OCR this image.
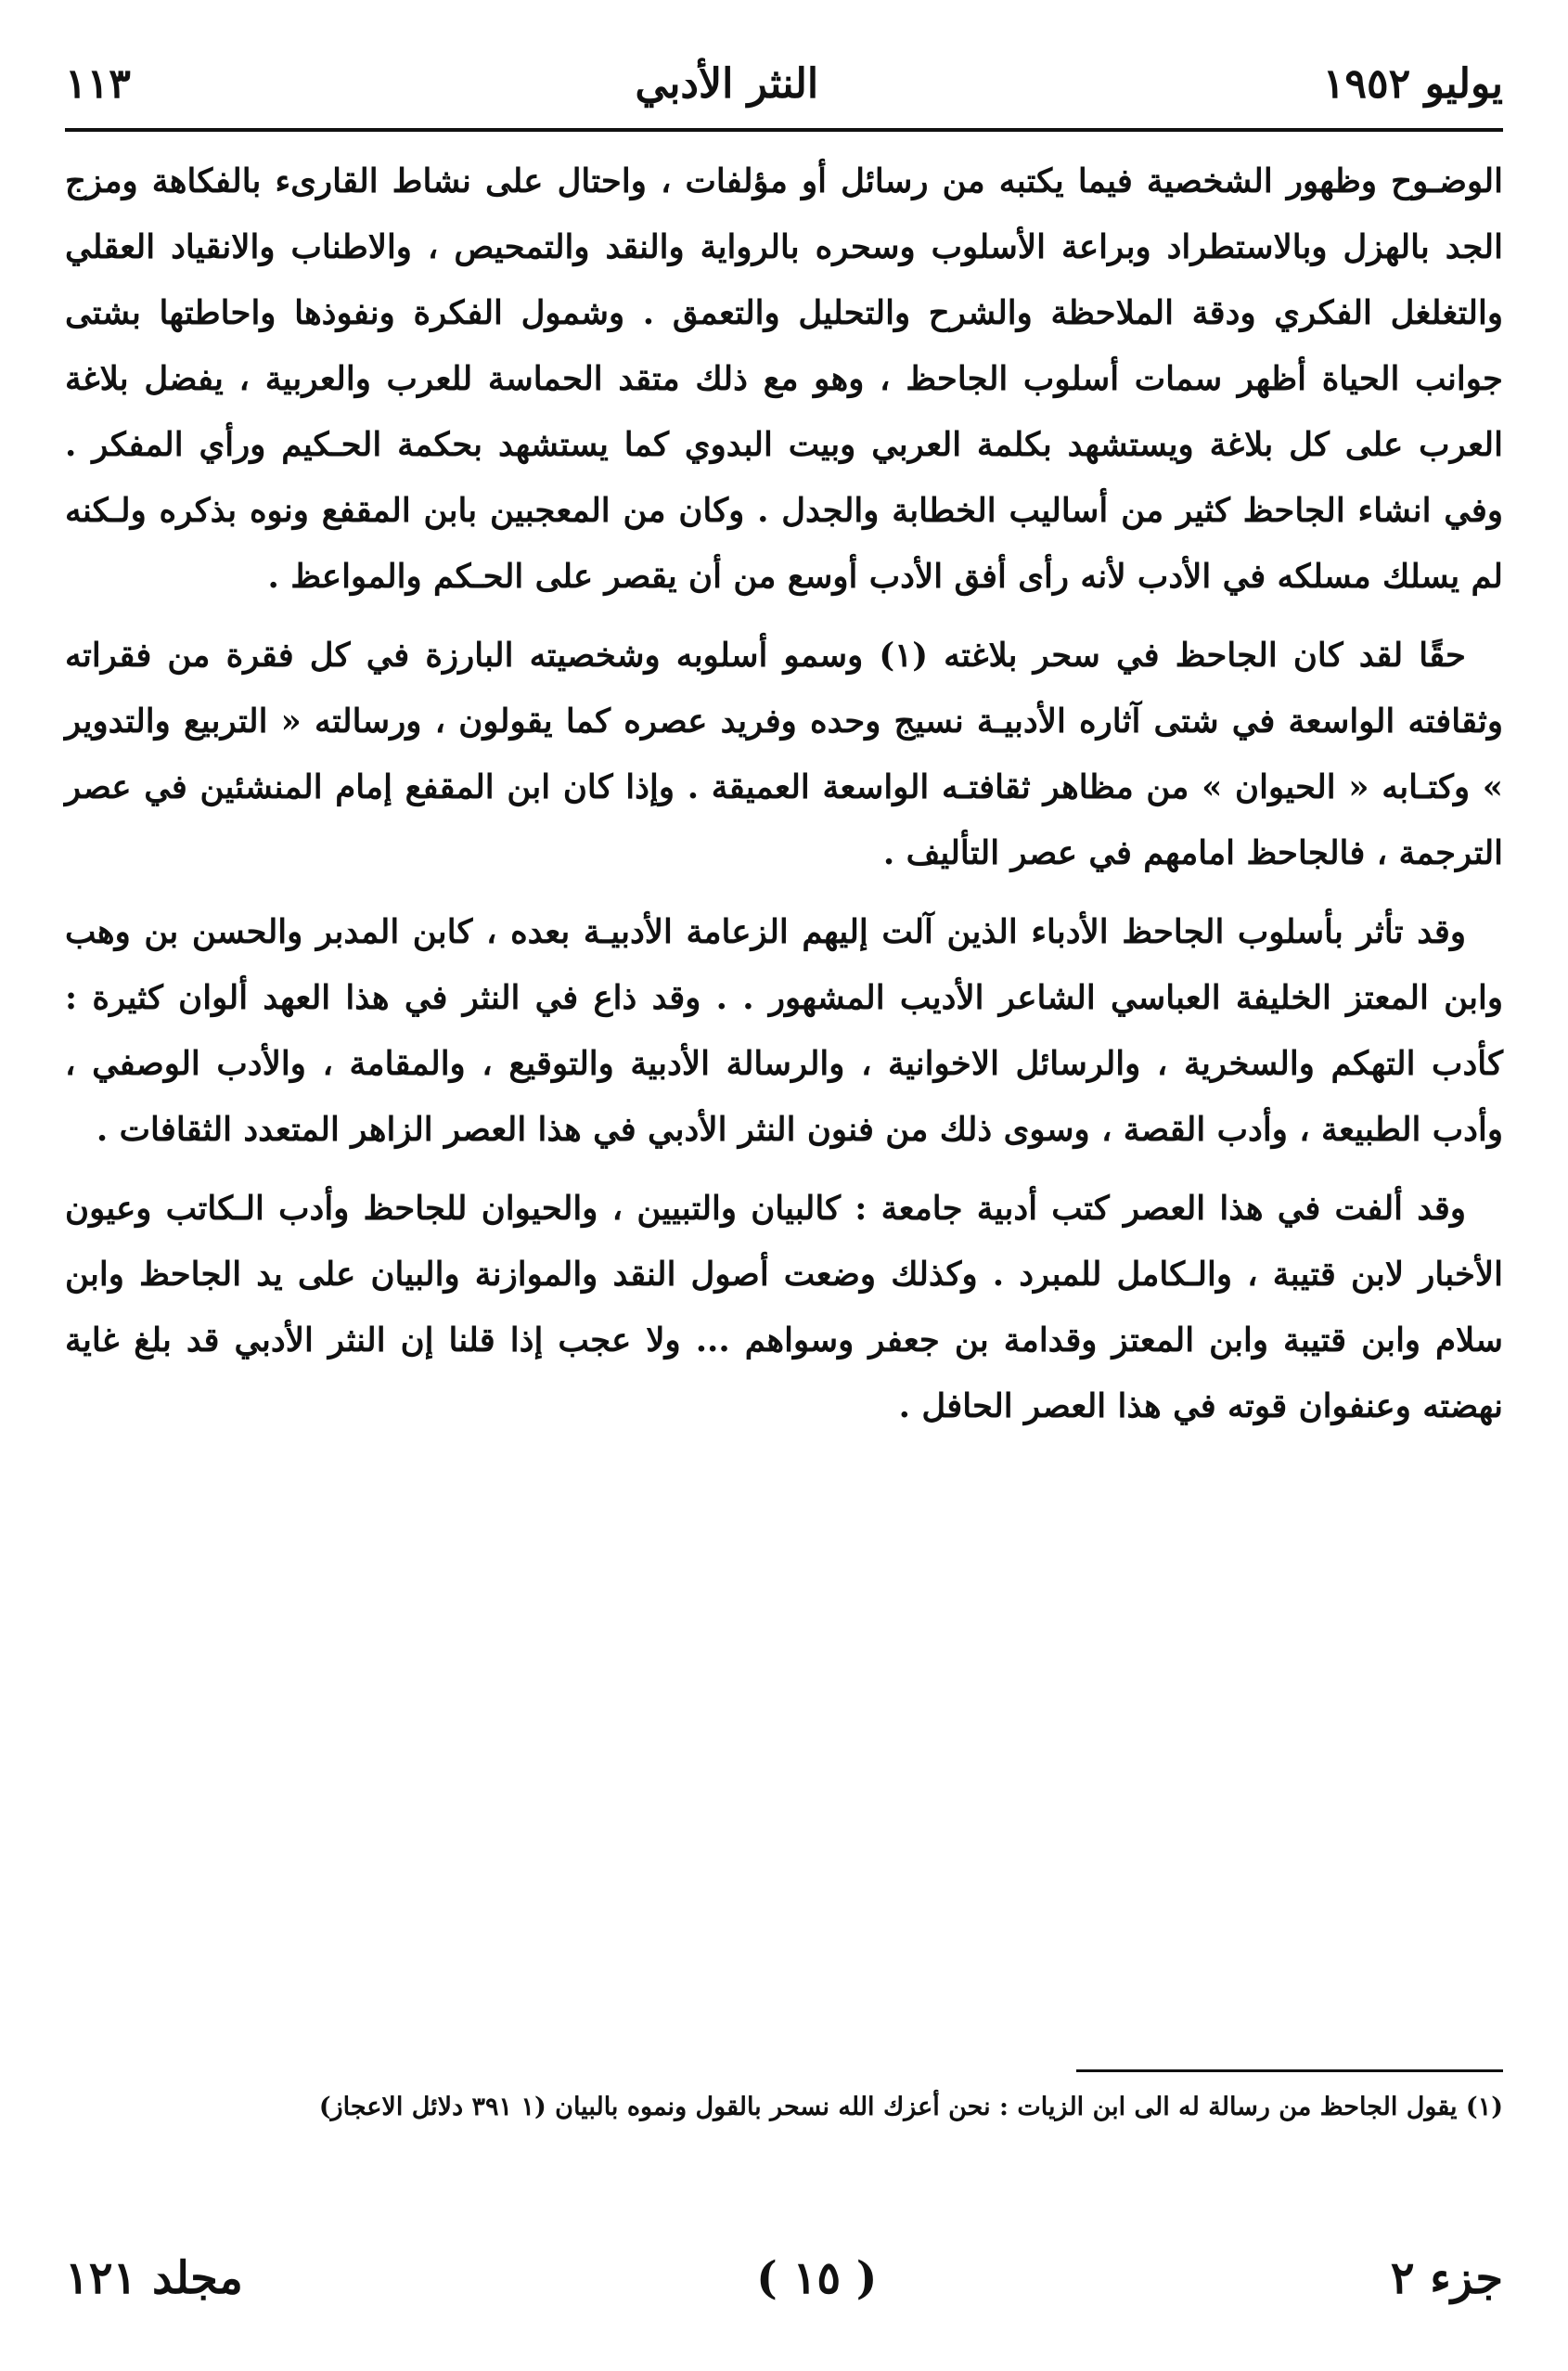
يوليو ١٩٥٢
النثر الأدبي
١١٣

الوضـوح وظهور الشخصية فيما يكتبه من رسائل أو مؤلفات ، واحتال على نشاط القارىء بالفكاهة ومزج الجد بالهزل وبالاستطراد وبراعة الأسلوب وسحره بالرواية والنقد والتمحيص ، والاطناب والانقياد العقلي والتغلغل الفكري ودقة الملاحظة والشرح والتحليل والتعمق . وشمول الفكرة ونفوذها واحاطتها بشتى جوانب الحياة أظهر سمات أسلوب الجاحظ ، وهو مع ذلك متقد الحماسة للعرب والعربية ، يفضل بلاغة العرب على كل بلاغة ويستشهد بكلمة العربي وبيت البدوي كما يستشهد بحكمة الحـكيم ورأي المفكر . وفي انشاء الجاحظ كثير من أساليب الخطابة والجدل . وكان من المعجبين بابن المقفع ونوه بذكره ولـكنه لم يسلك مسلكه في الأدب لأنه رأى أفق الأدب أوسع من أن يقصر على الحـكم والمواعظ .

حقًا لقد كان الجاحظ في سحر بلاغته (١) وسمو أسلوبه وشخصيته البارزة في كل فقرة من فقراته وثقافته الواسعة في شتى آثاره الأدبيـة نسيج وحده وفريد عصره كما يقولون ، ورسالته « التربيع والتدوير » وكتـابه « الحيوان » من مظاهر ثقافتـه الواسعة العميقة . وإذا كان ابن المقفع إمام المنشئين في عصر الترجمة ، فالجاحظ امامهم في عصر التأليف .

وقد تأثر بأسلوب الجاحظ الأدباء الذين آلت إليهم الزعامة الأدبيـة بعده ، كابن المدبر والحسن بن وهب وابن المعتز الخليفة العباسي الشاعر الأديب المشهور . . وقد ذاع في النثر في هذا العهد ألوان كثيرة : كأدب التهكم والسخرية ، والرسائل الاخوانية ، والرسالة الأدبية والتوقيع ، والمقامة ، والأدب الوصفي ، وأدب الطبيعة ، وأدب القصة ، وسوى ذلك من فنون النثر الأدبي في هذا العصر الزاهر المتعدد الثقافات .

وقد ألفت في هذا العصر كتب أدبية جامعة : كالبيان والتبيين ، والحيوان للجاحظ وأدب الـكاتب وعيون الأخبار لابن قتيبة ، والـكامل للمبرد . وكذلك وضعت أصول النقد والموازنة والبيان على يد الجاحظ وابن سلام وابن قتيبة وابن المعتز وقدامة بن جعفر وسواهم ... ولا عجب إذا قلنا إن النثر الأدبي قد بلغ غاية نهضته وعنفوان قوته في هذا العصر الحافل .

(١) يقول الجاحظ من رسالة له الى ابن الزيات : نحن أعزك الله نسحر بالقول ونموه بالبيان (١ ٣٩١ دلائل الاعجاز)
جزء ٢
( ١٥ )
مجلد ١٢١
